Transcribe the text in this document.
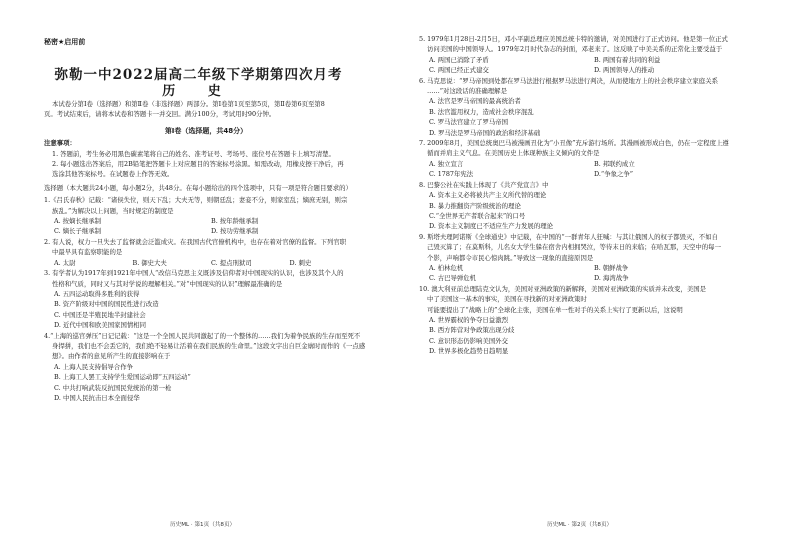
秘密★启用前
弥勒一中2022届高二年级下学期第四次月考
历 史

本试卷分第Ⅰ卷（选择题）和第Ⅱ卷（非选择题）两部分。第Ⅰ卷第1页至第5页，第Ⅱ卷第6页至第8

页。考试结束后，请将本试卷和答题卡一并交回。满分100分，考试用时90分钟。

第Ⅰ卷（选择题，共48分）

注意事项：

1. 答题前，考生务必用黑色碳素笔将自己的姓名、准考证号、考场号、座位号在答题卡上填写清楚。

2. 每小题选出答案后，用2B铅笔把答题卡上对应题目的答案标号涂黑。如需改动，用橡皮擦干净后，再

选涂其他答案标号。在试题卷上作答无效。

选择题（本大题共24小题，每小题2分，共48分。在每小题给出的四个选项中，只有一项是符合题目要求的）

1.《吕氏春秋》记载：“诸侯失位，则天下乱；大夫无等，则朝廷乱；妻妾不分，则家室乱；嫡庶无别，则宗

族乱。”为解决以上问题，当时规定的制度是

A. 按嫡长继承制	B. 按年龄继承制
C. 嫡长子继承制	D. 按功劳继承制

2. 有人说，权力一旦失去了监督就会泛滥成灾。在我国古代官僚机构中，也存在着对官僚的监督。下列官职

中最早具有监察职能的是

A. 太尉	B. 御史大夫	C. 提点刑狱司	D. 刺史

3. 有学者认为1917年到1921年中国人“改信马克思主义既涉及信仰者对中国现实的认识，也涉及其个人的

性格和气质，同时又与其对学说的理解相关。”对“中国现实的认识”理解最准确的是

A. 五四运动取得多胜利的获得

B. 资产阶级对中国的国民性进行改造

C. 中国还是半殖民地半封建社会

D. 近代中国和欧美国家国情相同

4.“上海的巡官弹压”日记记载：“这是一个全国人民共同激起了的一个整体的……我们为着争民族的生存而至死不

身捍拼，我们也不会丢它的，我们绝不轻易让活着在我们民族的生命里。”这段文字出自巨金廓时而作的《一点感

想》。由作者的意见所产生的直接影响在于

A. 上海人民支持倡导合作争

B. 上海工人罢工支持学生爱国运动即“五四运动”

C. 中共打响武装反抗国民党统治的第一枪

D. 中国人民抗击日本全面侵华

历史ML · 第1页（共8页）

5. 1979年1月28日-2月5日，邓小平副总理应美国总统卡特的邀请，对美国进行了正式访问。他是第一位正式

访问美国的中国领导人。1979年2月时代杂志的封面，邓老来了。这反映了中美关系的正常化主要受益于

A. 两国已消除了矛盾	B. 两国有着共同的利益
C. 两国已经正式建交	D. 两国领导人的推动

6. 马克思说：“罗马帝国到处都在罗马法进行根据罗马法进行判决，从而使地方上的社会秩序建立家庭关系

……”对这段话的准确理解是

A. 法官是罗马帝国的最高统治者

B. 法官滥用权力，造成社会秩序混乱

C. 罗马法官建立了罗马帝国

D. 罗马法是罗马帝国的政治和经济基础

7. 2009年8月，美国总统奥巴马被漫画丑化为“小丑像”充斥游行场所。其漫画被形成白色，仍在一定程度上遵

循而并肩主义气息。在美国历史上体现种族主义倾向的文件是

A. 独立宣言	B. 邦联约成立
C. 1787年宪法	D.“争象之争”

8. 巴黎公社在实践上体现了《共产党宣言》中

A. 资本主义必将被共产主义所代替的理论

B. 暴力推翻资产阶级统治的理论

C.“全世界无产者联合起来”的口号

D. 资本主义制度已不适应生产力发展的理论

9. 斯塔夫理阿诺斯《全球通史》中记载，在中国的“一群青年人狂喊：与其让俄国人的权子都毁灭，不如自

己毁灭算了；在莫斯科，儿名女大学生躲在宿舍内相拥哭泣，等待末日的来临；在哈瓦那，天空中的每一

个影，声响都令市民心惊肉跳。”导致这一现象的直接原因是

A. 柏林危机	B. 朝鲜战争
C. 古巴导弹危机	D. 海湾战争

10. 澳大利亚前总理陆克文认为，美国对亚洲政策的新解释，美国对亚洲政策的实质并未改变，美国是

中了美国这一基本的事实，美国在寻找新的对亚洲政策时

可能要提出了“战略上的”全球化主张，美国在单一性对手的关系上实行了更新以后，这说明

A. 世界霸权的争夺日益激烈

B. 西方阵营对争政策出现分歧

C. 意识形态仍影响美国外交

D. 世界多极化趋势日趋明显

历史ML · 第2页（共8页）
